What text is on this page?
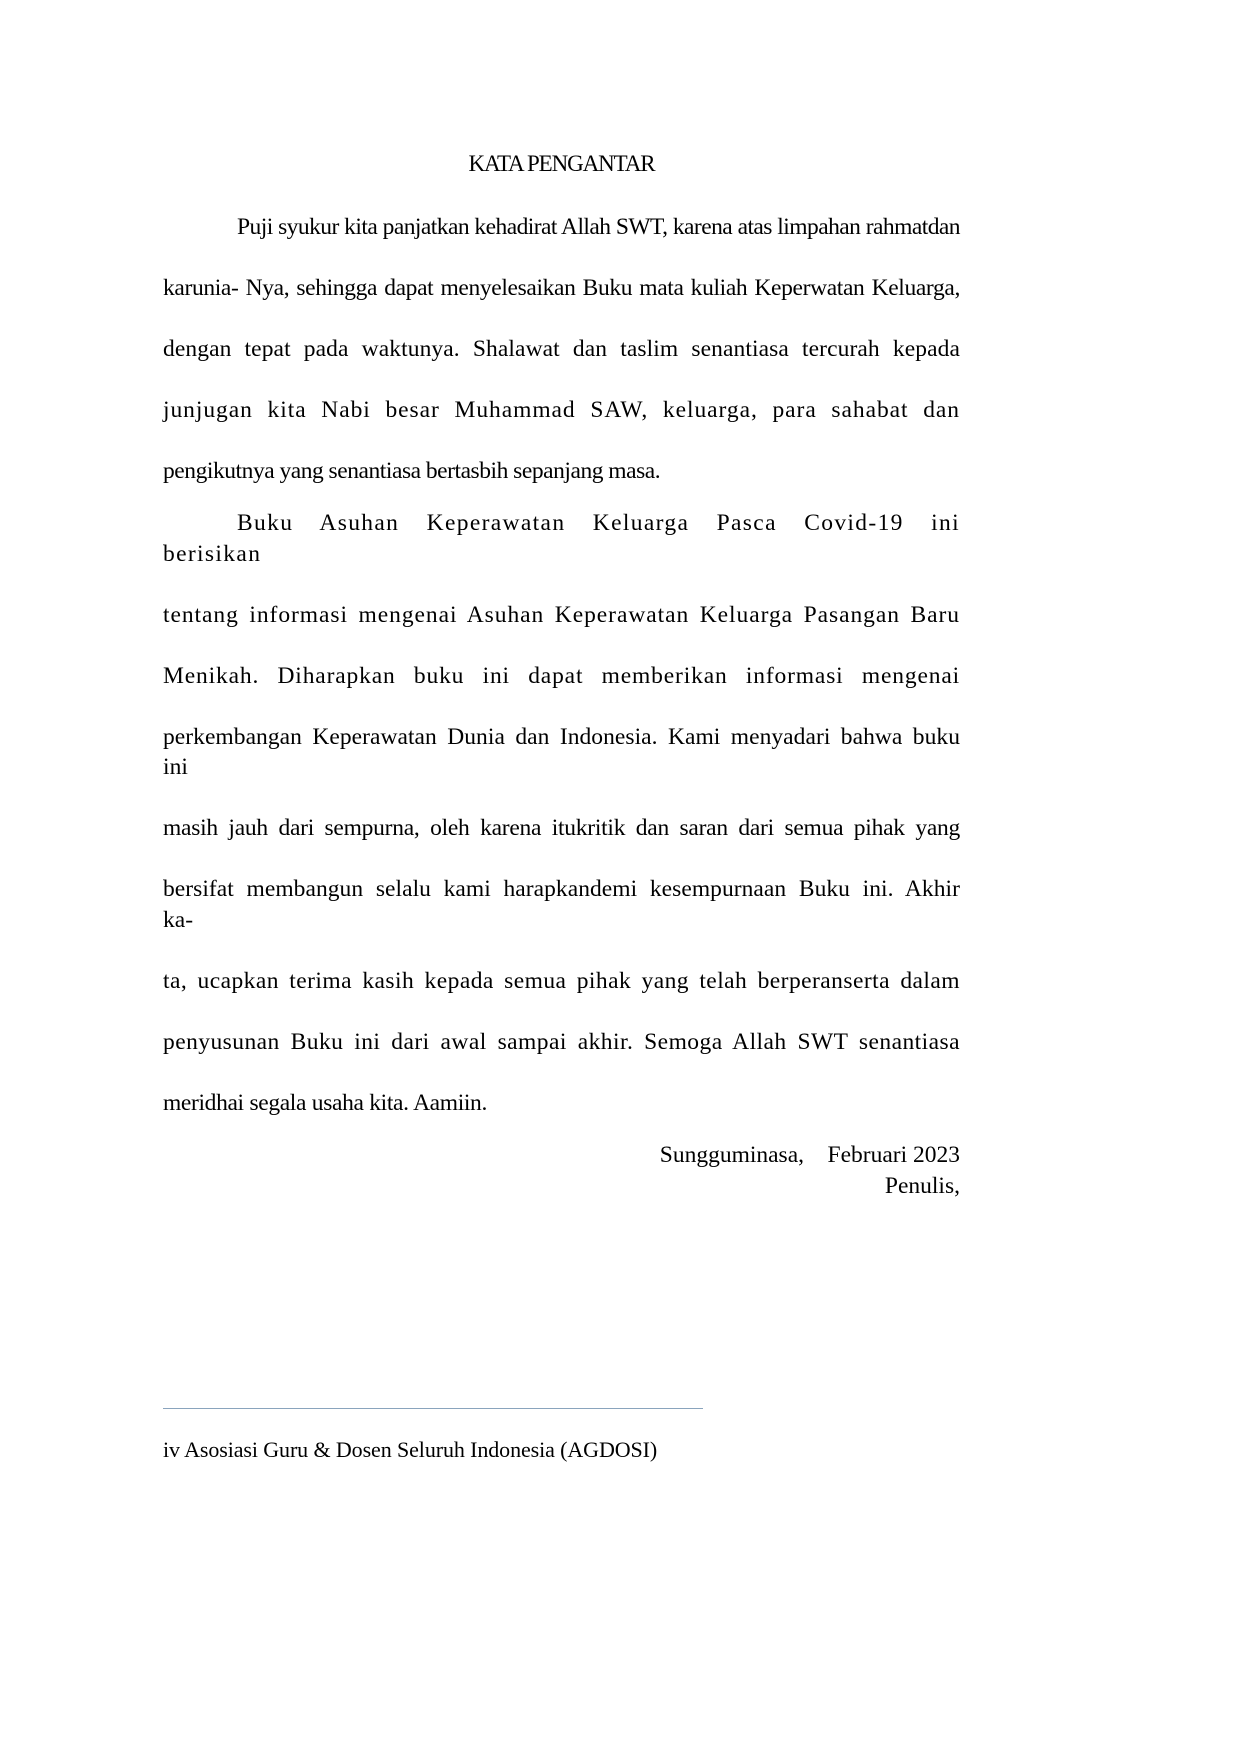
KATA PENGANTAR

Puji syukur kita panjatkan kehadirat Allah SWT, karena atas limpahan rahmatdan
karunia- Nya, sehingga dapat menyelesaikan Buku mata kuliah Keperwatan Keluarga,
dengan tepat pada waktunya. Shalawat dan taslim senantiasa tercurah kepada
junjugan kita Nabi besar Muhammad SAW, keluarga, para sahabat dan
pengikutnya yang senantiasa bertasbih sepanjang masa.

Buku Asuhan Keperawatan Keluarga Pasca Covid-19 ini berisikan
tentang informasi mengenai Asuhan Keperawatan Keluarga Pasangan Baru
Menikah. Diharapkan buku ini dapat memberikan informasi mengenai
perkembangan Keperawatan Dunia dan Indonesia. Kami menyadari bahwa buku ini
masih jauh dari sempurna, oleh karena itukritik dan saran dari semua pihak yang
bersifat membangun selalu kami harapkandemi kesempurnaan Buku ini. Akhir ka-
ta, ucapkan terima kasih kepada semua pihak yang telah berperanserta dalam
penyusunan Buku ini dari awal sampai akhir. Semoga Allah SWT senantiasa
meridhai segala usaha kita. Aamiin.

Sungguminasa,    Februari 2023
Penulis,
iv Asosiasi Guru & Dosen Seluruh Indonesia (AGDOSI)
